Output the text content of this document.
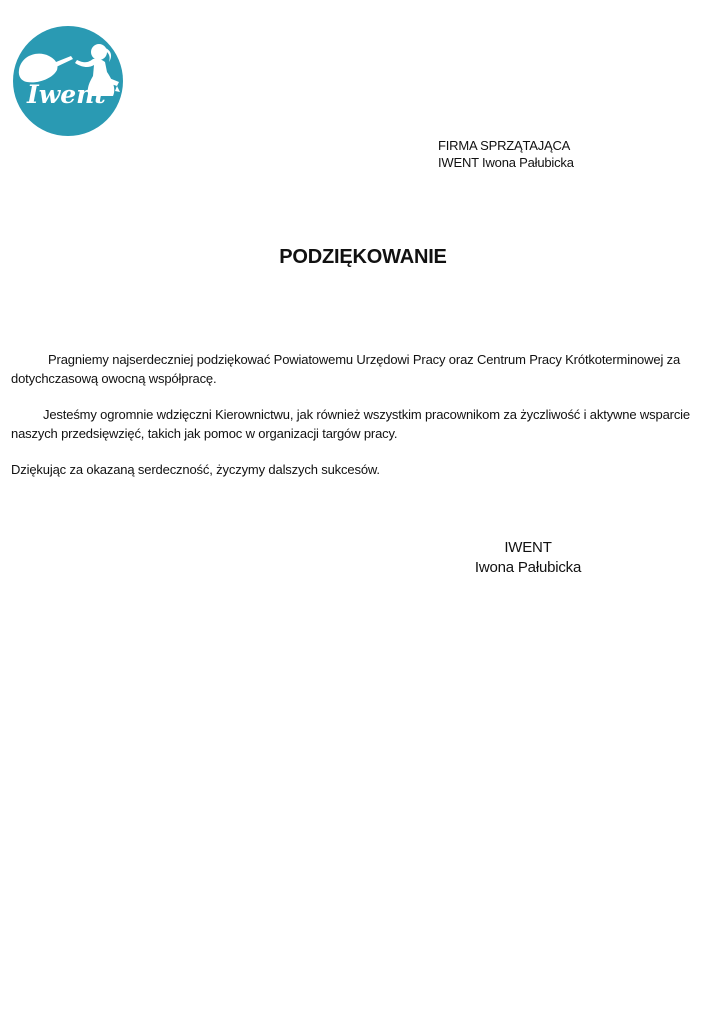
Iwent
FIRMA SPRZĄTAJĄCA
IWENT Iwona Pałubicka
PODZIĘKOWANIE
Pragniemy najserdeczniej podziękować Powiatowemu Urzędowi Pracy oraz Centrum Pracy Krótkoterminowej za dotychczasową owocną współpracę.
Jesteśmy ogromnie wdzięczni Kierownictwu, jak również wszystkim pracownikom za życzliwość i aktywne wsparcie naszych przedsięwzięć, takich jak pomoc w organizacji targów pracy.
Dziękując za okazaną serdeczność, życzymy dalszych sukcesów.
IWENT
Iwona Pałubicka
